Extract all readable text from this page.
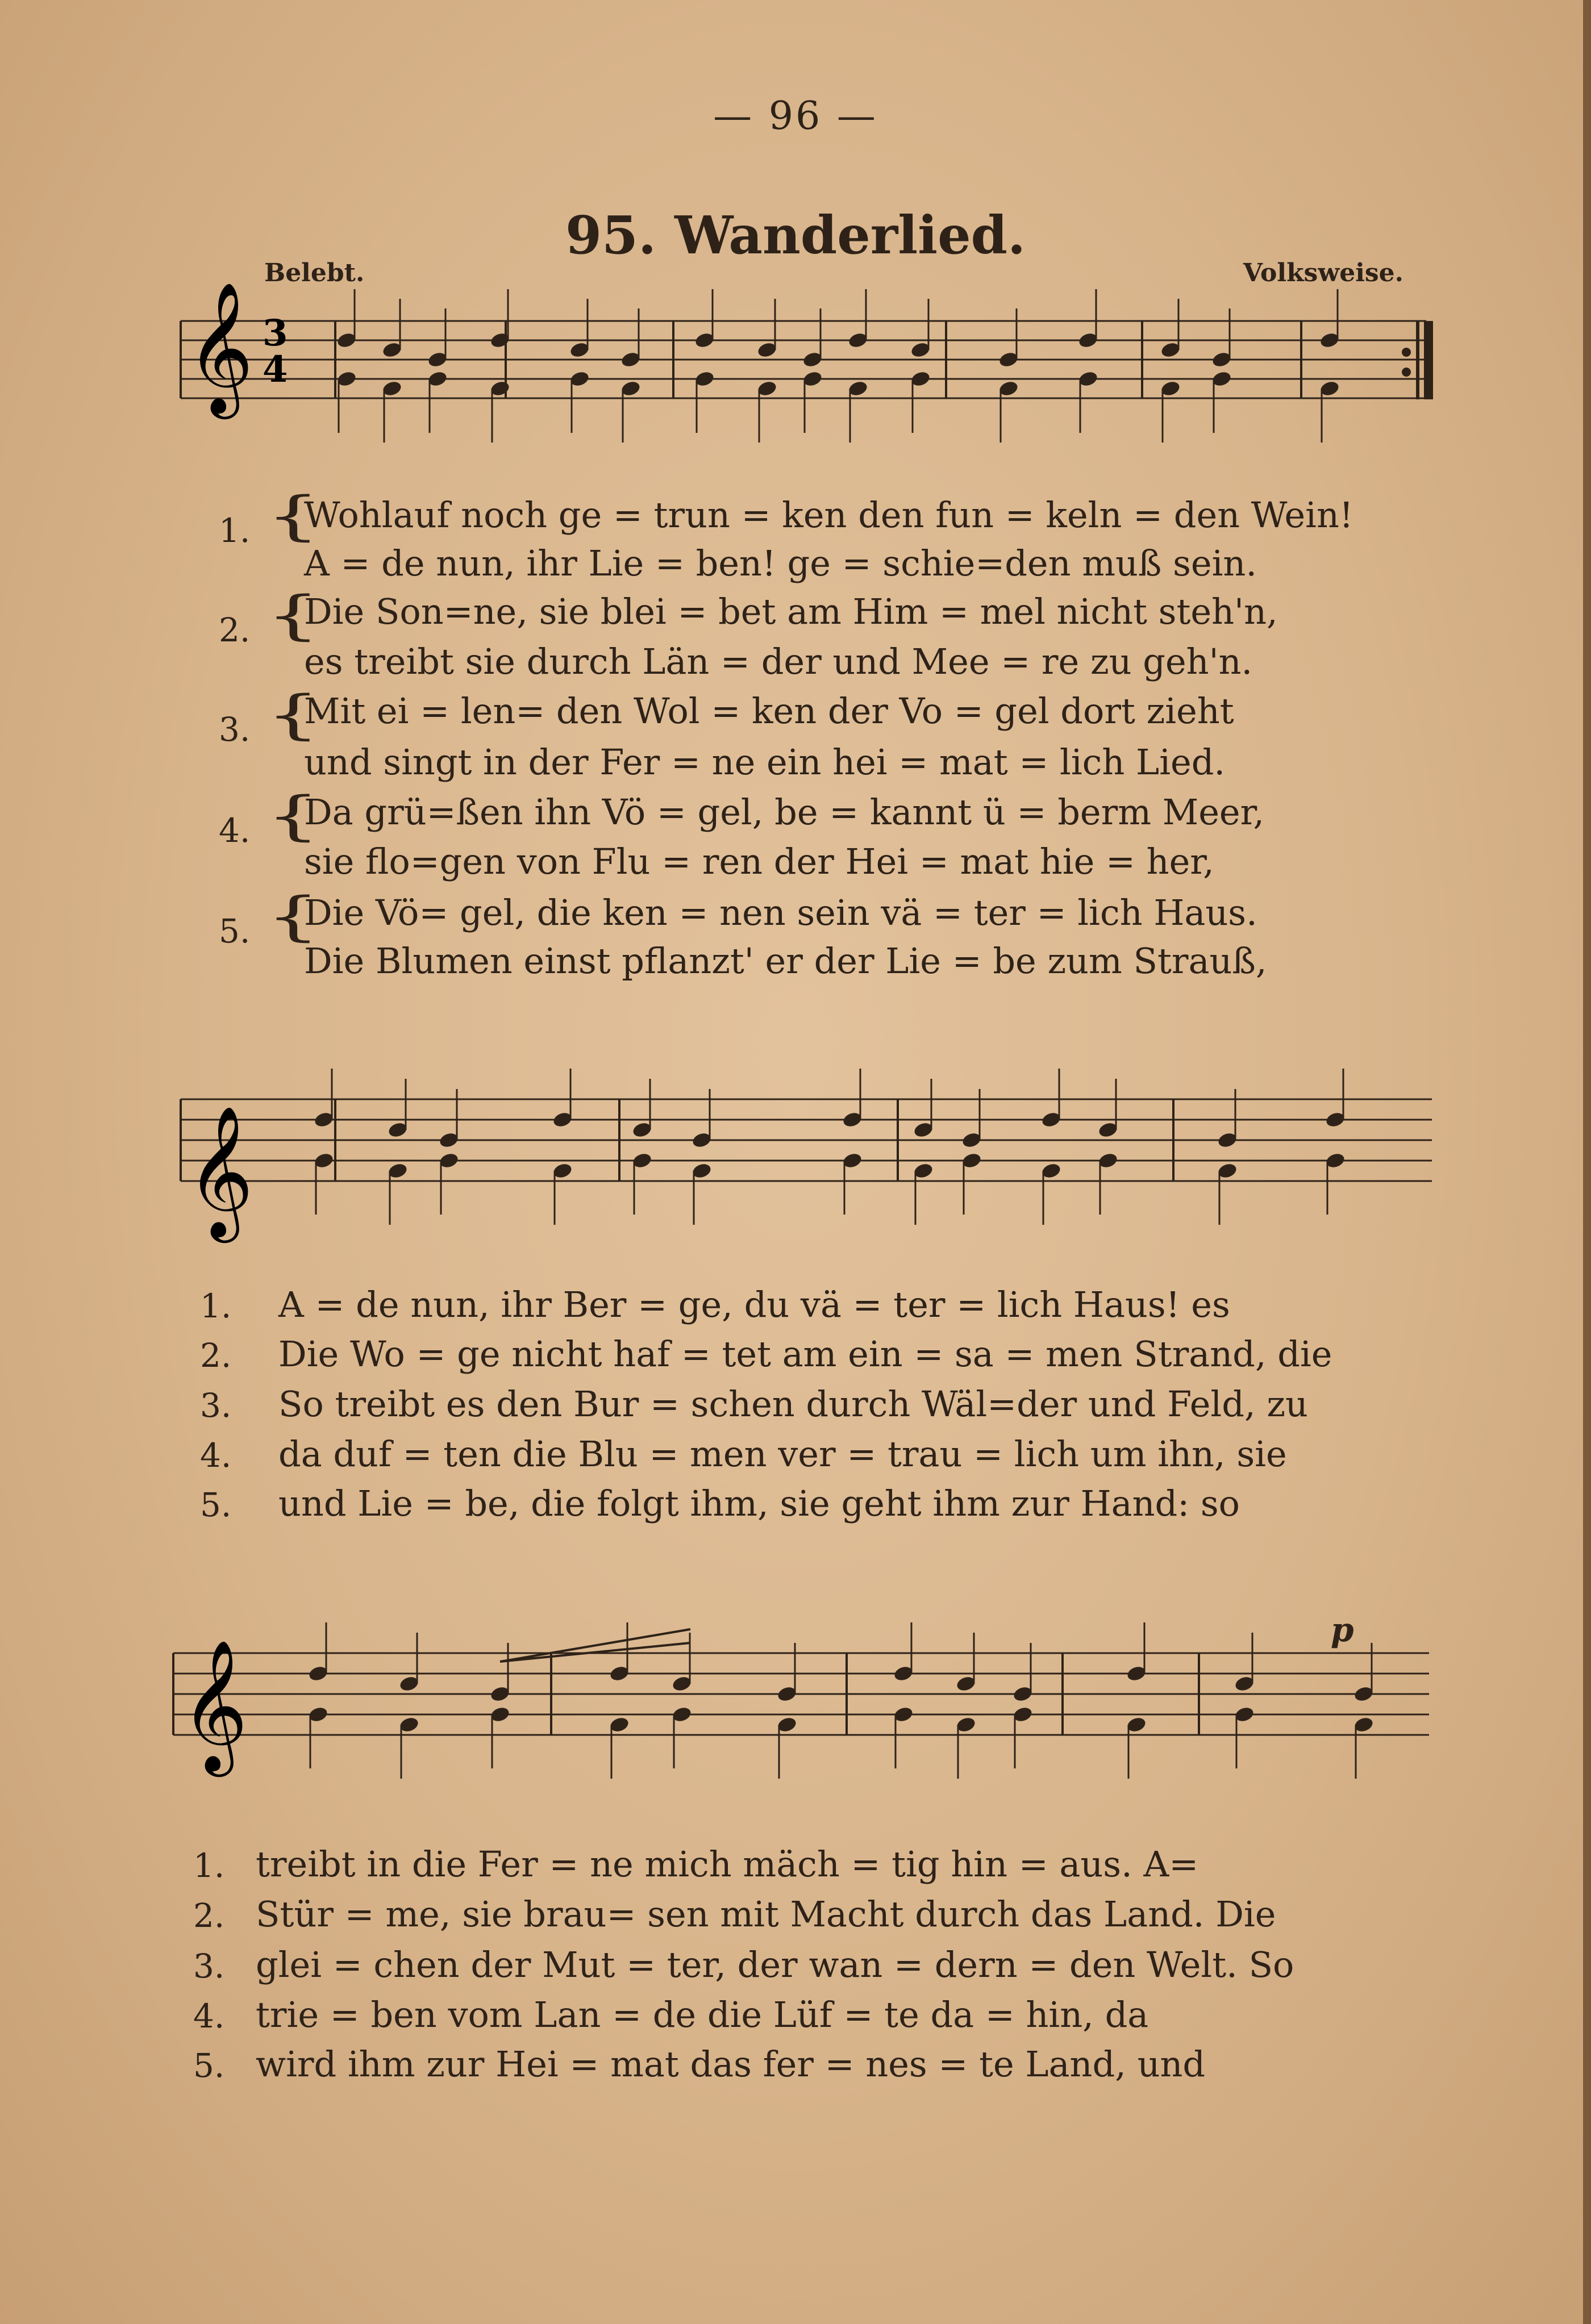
— 96 —
95. Wanderlied.
Belebt.	Volksweise.
𝄞 3
4
𝄞
𝄞
p
1. {
Wohlauf noch ge = trun = ken den fun = keln = den Wein!
A = de nun, ihr Lie = ben! ge = schie=den muß sein.
2. {
Die Son=ne, sie blei = bet am Him = mel nicht steh'n,
es treibt sie durch Län = der und Mee = re zu geh'n.
3. {
Mit ei = len= den Wol = ken der Vo = gel dort zieht
und singt in der Fer = ne ein hei = mat = lich Lied.
4. {
Da grü=ßen ihn Vö = gel, be = kannt ü = berm Meer,
sie flo=gen von Flu = ren der Hei = mat hie = her,
5. {
Die Vö= gel, die ken = nen sein vä = ter = lich Haus.
Die Blumen einst pflanzt' er der Lie = be zum Strauß,
1. A = de nun, ihr Ber = ge, du vä = ter = lich Haus! es
2. Die Wo = ge nicht haf = tet am ein = sa = men Strand, die
3. So treibt es den Bur = schen durch Wäl=der und Feld, zu
4. da duf = ten die Blu = men ver = trau = lich um ihn, sie
5. und Lie = be, die folgt ihm, sie geht ihm zur Hand: so
1. treibt in die Fer = ne mich mäch = tig hin = aus. A=
2. Stür = me, sie brau= sen mit Macht durch das Land. Die
3. glei = chen der Mut = ter, der wan = dern = den Welt. So
4. trie = ben vom Lan = de die Lüf = te da = hin, da
5. wird ihm zur Hei = mat das fer = nes = te Land, und
